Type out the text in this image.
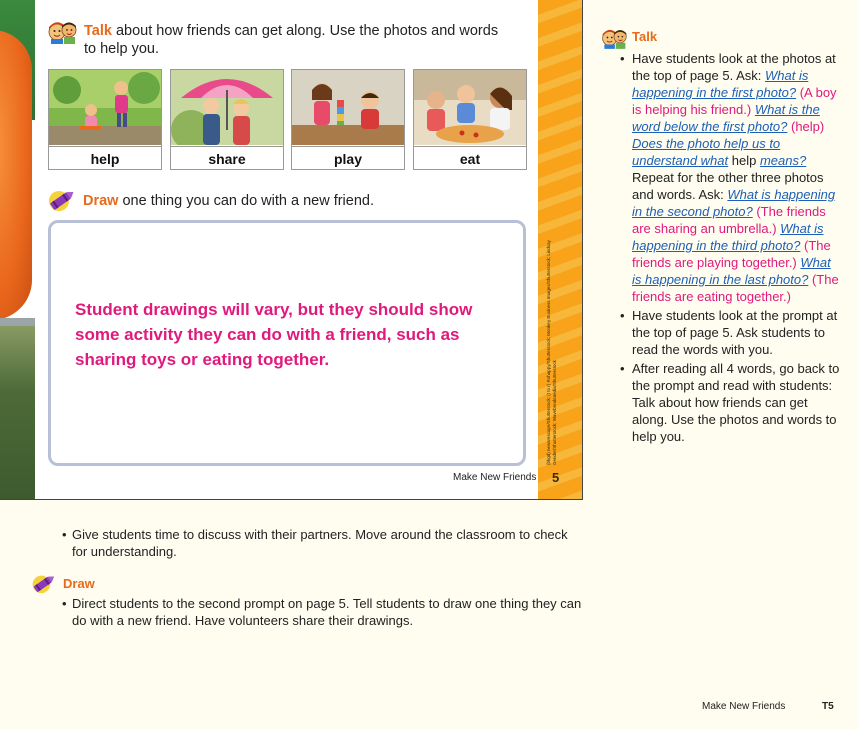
Talk about how friends can get along. Use the photos and words
to help you.
help	share	play	eat
Draw one thing you can do with a new friend.
Student drawings will vary, but they should show
some activity they can do with a friend, such as
sharing toys or eating together.
Make New Friends
(bkgd) newsrescape/Shutterstock; (t to r) Rohappy/Shutterstock; Monkey Business Images/Shutterstock; Lindsay Gender/Shutterstock; Wavebreakmedia/Shutterstock
5
Talk
• Have students look at the photos at the top of page 5. Ask: What is happening in the first photo? (A boy is helping his friend.) What is the word below the first photo? (help) Does the photo help us to understand what help means? Repeat for the other three photos and words. Ask: What is happening in the second photo? (The friends are sharing an umbrella.) What is happening in the third photo? (The friends are playing together.) What is happening in the last photo? (The friends are eating together.)
• Have students look at the prompt at the top of page 5. Ask students to read the words with you.
• After reading all 4 words, go back to the prompt and read with students: Talk about how friends can get along. Use the photos and words to help you.
• Give students time to discuss with their partners. Move around the classroom to check for understanding.
Draw
• Direct students to the second prompt on page 5. Tell students to draw one thing they can do with a new friend. Have volunteers share their drawings.
Make New Friends	T5
